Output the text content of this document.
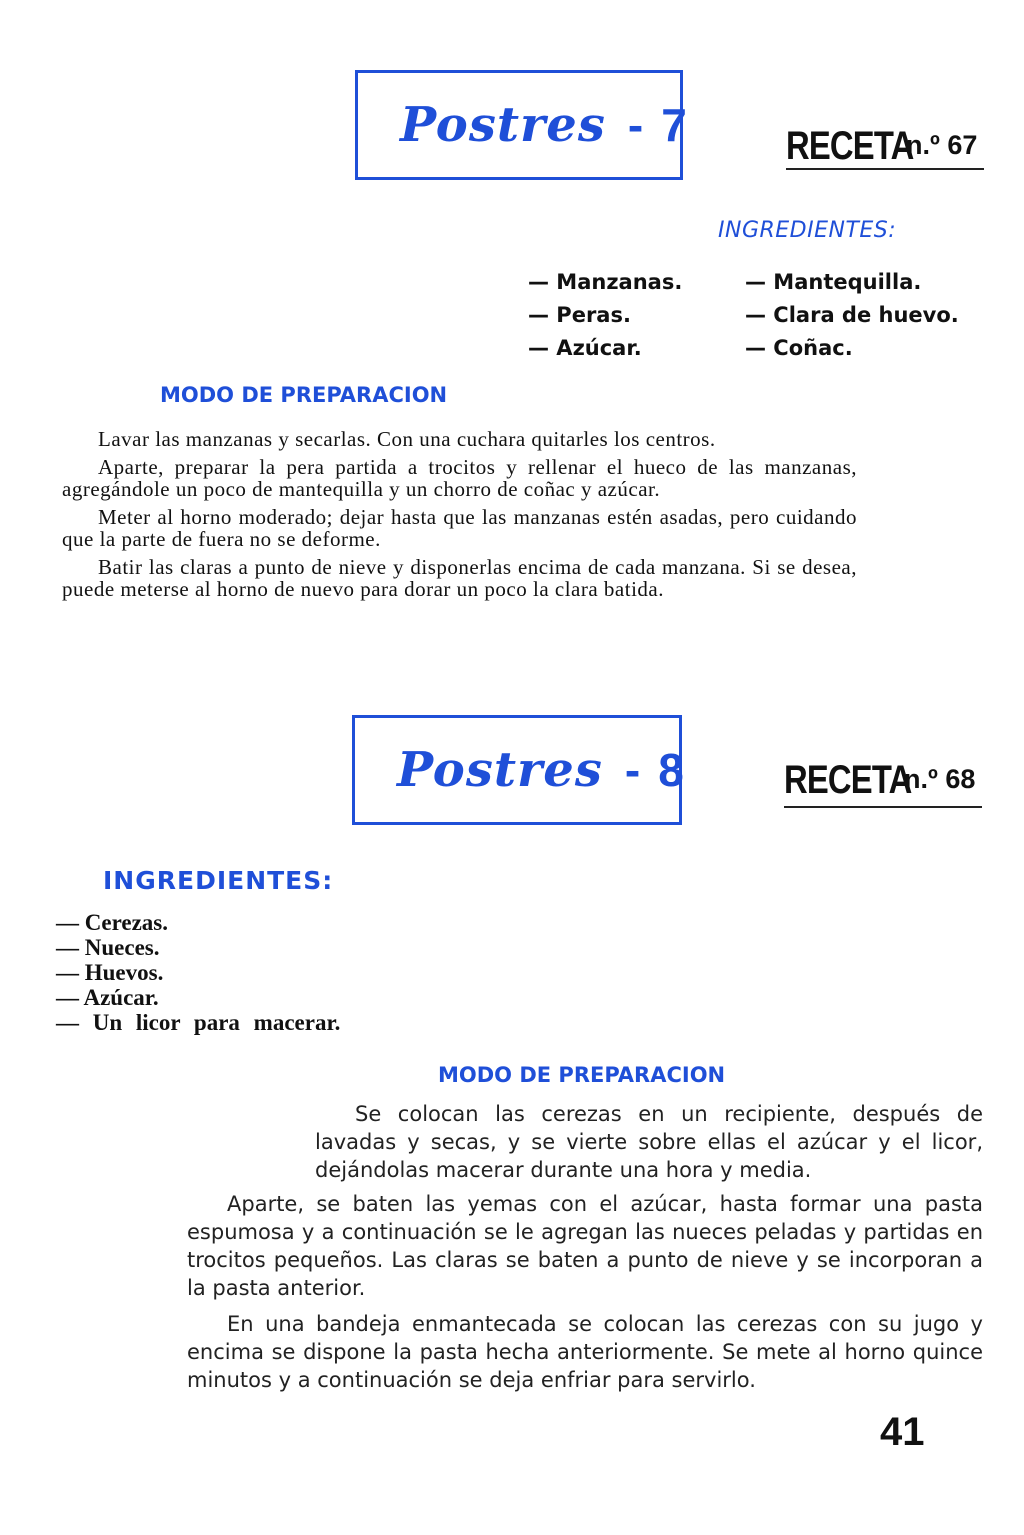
Postres - 7 RECETA
n.º 67
INGREDIENTES:
— Manzanas.
— Peras.
— Azúcar.
— Mantequilla.
— Clara de huevo.
— Coñac.
MODO DE PREPARACION

Lavar las manzanas y secarlas. Con una cuchara quitarles los centros.

Aparte, preparar la pera partida a trocitos y rellenar el hueco de las manzanas, agregándole un poco de mantequilla y un chorro de coñac y azúcar.

Meter al horno moderado; dejar hasta que las manzanas estén asadas, pero cuidando que la parte de fuera no se deforme.

Batir las claras a punto de nieve y disponerlas encima de cada manzana. Si se desea, puede meterse al horno de nuevo para dorar un poco la clara batida.

Postres - 8	RECETA
n.º 68
INGREDIENTES:
— Cerezas.
— Nueces.
— Huevos.
— Azúcar.
— Un licor para macerar.
MODO DE PREPARACION

Se colocan las cerezas en un recipiente, después de lavadas y secas, y se vierte sobre ellas el azúcar y el licor, dejándolas macerar durante una hora y media.

Aparte, se baten las yemas con el azúcar, hasta formar una pasta espumosa y a continuación se le agregan las nueces peladas y partidas en trocitos pequeños. Las claras se baten a punto de nieve y se incorporan a la pasta anterior.

En una bandeja enmantecada se colocan las cerezas con su jugo y encima se dispone la pasta hecha anteriormente. Se mete al horno quince minutos y a continuación se deja enfriar para servirlo.

41
